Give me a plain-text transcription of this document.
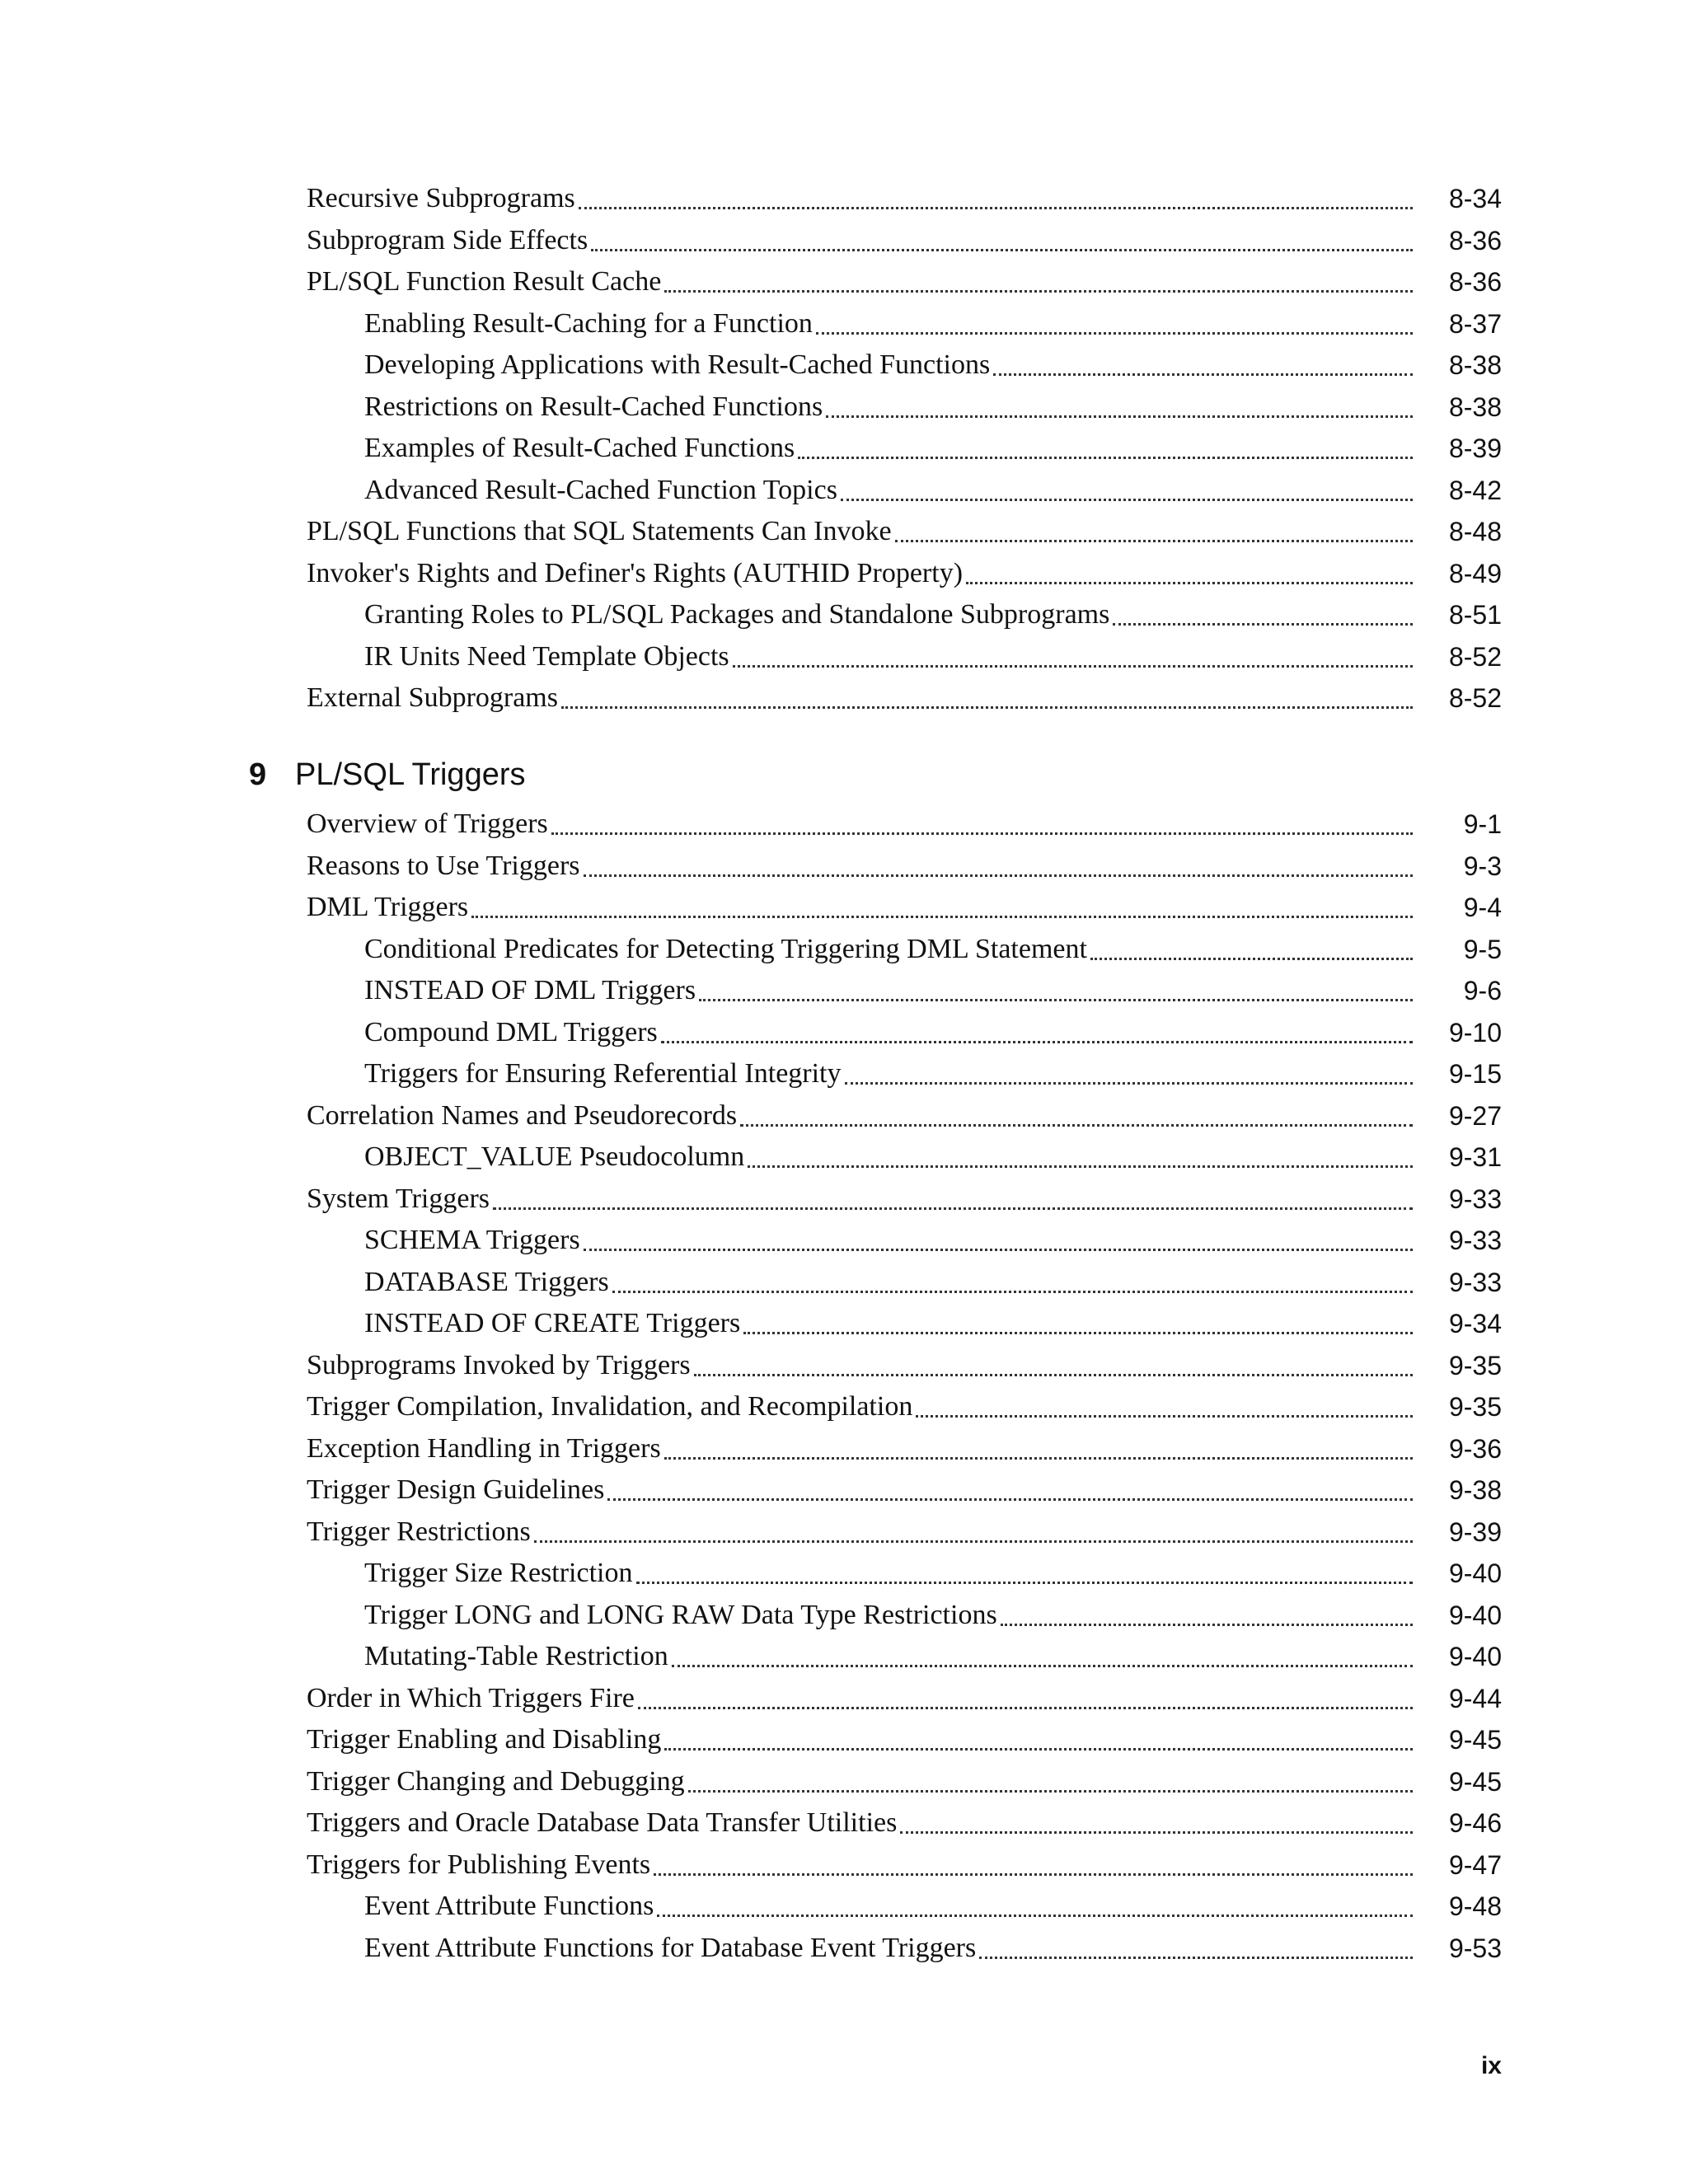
Recursive Subprograms	8-34
Subprogram Side Effects	8-36
PL/SQL Function Result Cache	8-36
Enabling Result-Caching for a Function	8-37
Developing Applications with Result-Cached Functions	8-38
Restrictions on Result-Cached Functions	8-38
Examples of Result-Cached Functions	8-39
Advanced Result-Cached Function Topics	8-42
PL/SQL Functions that SQL Statements Can Invoke	8-48
Invoker's Rights and Definer's Rights (AUTHID Property)	8-49
Granting Roles to PL/SQL Packages and Standalone Subprograms	8-51
IR Units Need Template Objects	8-52
External Subprograms	8-52
9 PL/SQL Triggers
Overview of Triggers	9-1
Reasons to Use Triggers	9-3
DML Triggers	9-4
Conditional Predicates for Detecting Triggering DML Statement	9-5
INSTEAD OF DML Triggers	9-6
Compound DML Triggers	9-10
Triggers for Ensuring Referential Integrity	9-15
Correlation Names and Pseudorecords	9-27
OBJECT_VALUE Pseudocolumn	9-31
System Triggers	9-33
SCHEMA Triggers	9-33
DATABASE Triggers	9-33
INSTEAD OF CREATE Triggers	9-34
Subprograms Invoked by Triggers	9-35
Trigger Compilation, Invalidation, and Recompilation	9-35
Exception Handling in Triggers	9-36
Trigger Design Guidelines	9-38
Trigger Restrictions	9-39
Trigger Size Restriction	9-40
Trigger LONG and LONG RAW Data Type Restrictions	9-40
Mutating-Table Restriction	9-40
Order in Which Triggers Fire	9-44
Trigger Enabling and Disabling	9-45
Trigger Changing and Debugging	9-45
Triggers and Oracle Database Data Transfer Utilities	9-46
Triggers for Publishing Events	9-47
Event Attribute Functions	9-48
Event Attribute Functions for Database Event Triggers	9-53
ix
